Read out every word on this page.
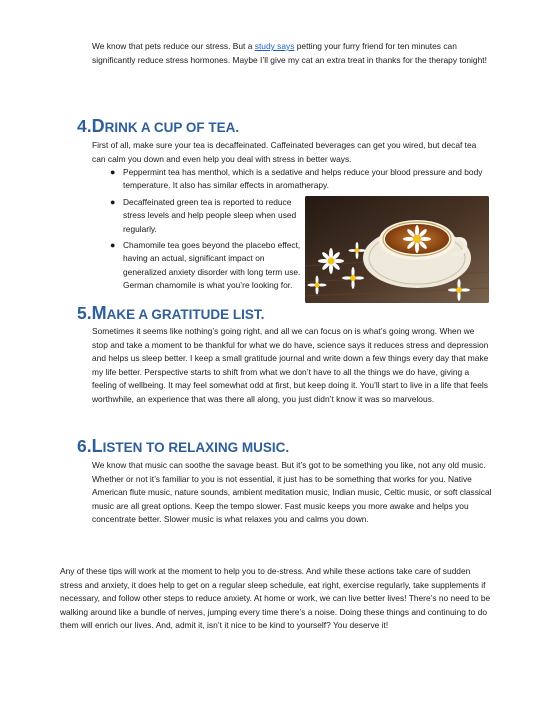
We know that pets reduce our stress. But a study says petting your furry friend for ten minutes can significantly reduce stress hormones. Maybe I’ll give my cat an extra treat in thanks for the therapy tonight!

4.DRINK A CUP OF TEA.

First of all, make sure your tea is decaffeinated. Caffeinated beverages can get you wired, but decaf tea can calm you down and even help you deal with stress in better ways.

● Peppermint tea has menthol, which is a sedative and helps reduce your blood pressure and body temperature. It also has similar effects in aromatherapy.
● Decaffeinated green tea is reported to reduce stress levels and help people sleep when used regularly.
● Chamomile tea goes beyond the placebo effect, having an actual, significant impact on generalized anxiety disorder with long term use. German chamomile is what you’re looking for.
5.MAKE A GRATITUDE LIST.

Sometimes it seems like nothing’s going right, and all we can focus on is what’s going wrong. When we stop and take a moment to be thankful for what we do have, science says it reduces stress and depression and helps us sleep better. I keep a small gratitude journal and write down a few things every day that make my life better. Perspective starts to shift from what we don’t have to all the things we do have, giving a feeling of wellbeing. It may feel somewhat odd at first, but keep doing it. You’ll start to live in a life that feels worthwhile, an experience that was there all along, you just didn’t know it was so marvelous.

6.LISTEN TO RELAXING MUSIC.

We know that music can soothe the savage beast. But it’s got to be something you like, not any old music. Whether or not it’s familiar to you is not essential, it just has to be something that works for you. Native American flute music, nature sounds, ambient meditation music, Indian music, Celtic music, or soft classical music are all great options. Keep the tempo slower. Fast music keeps you more awake and helps you concentrate better. Slower music is what relaxes you and calms you down.

Any of these tips will work at the moment to help you to de-stress. And while these actions take care of sudden stress and anxiety, it does help to get on a regular sleep schedule, eat right, exercise regularly, take supplements if necessary, and follow other steps to reduce anxiety. At home or work, we can live better lives! There’s no need to be walking around like a bundle of nerves, jumping every time there’s a noise. Doing these things and continuing to do them will enrich our lives. And, admit it, isn’t it nice to be kind to yourself? You deserve it!
